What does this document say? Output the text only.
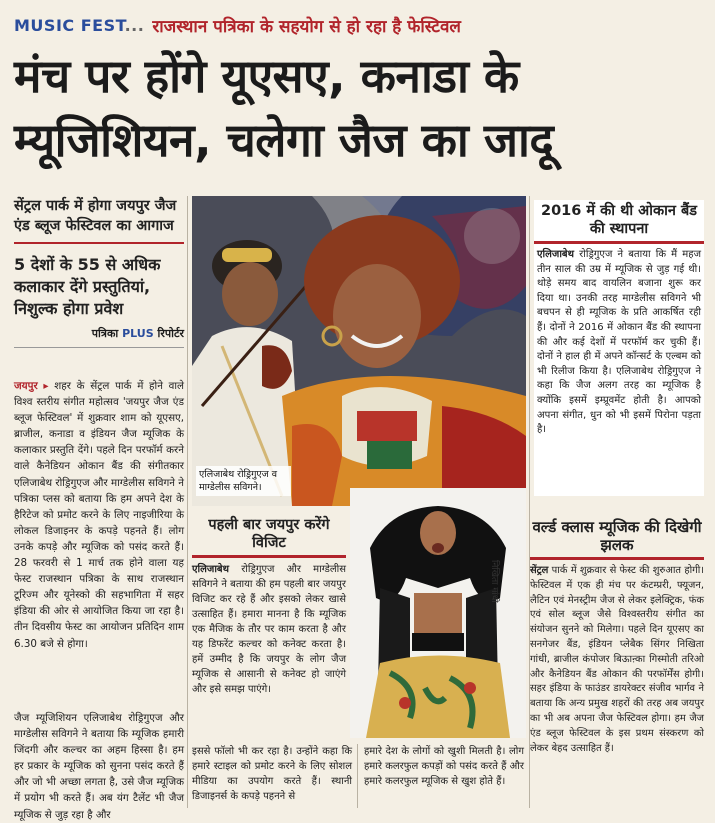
MUSIC FEST... राजस्थान पत्रिका के सहयोग से हो रहा है फेस्टिवल
मंच पर होंगे यूएसए, कनाडा के
म्यूजिशियन, चलेगा जैज का जादू
सेंट्रल पार्क में होगा जयपुर जैज एंड ब्लूज फेस्टिवल का आगाज
5 देशों के 55 से अधिक कलाकार देंगे प्रस्तुतियां, निशुल्क होगा प्रवेश
पत्रिका PLUS रिपोर्टर
जयपुर ▸ शहर के सेंट्रल पार्क में होने वाले विश्व स्तरीय संगीत महोत्सव 'जयपुर जैज एंड ब्लूज फेस्टिवल' में शुक्रवार शाम को यूएसए, ब्राजील, कनाडा व इंडियन जैज म्यूजिक के कलाकार प्रस्तुति देंगे। पहले दिन परफॉर्म करने वाले कैनेडियन ओकान बैंड की संगीतकार एलिजाबेथ रोड्रिगुएज और माग्डेलीस सविगने ने पत्रिका प्लस को बताया कि हम अपने देश के हैरिटेज को प्रमोट करने के लिए नाइजीरिया के लोकल डिजाइनर के कपड़े पहनते हैं। लोग उनके कपड़े और म्यूजिक को पसंद करते हैं। 28 फरवरी से 1 मार्च तक होने वाला यह फेस्ट राजस्थान पत्रिका के साथ राजस्थान टूरिज्म और यूनेस्को की सहभागिता में सहर इंडिया की ओर से आयोजित किया जा रहा है। तीन दिवसीय फेस्ट का आयोजन प्रतिदिन शाम 6.30 बजे से होगा।
जैज म्यूजिशियन एलिजाबेथ रोड्रिगुएज और माग्डेलीस सविगने ने बताया कि म्यूजिक हमारी जिंदगी और कल्चर का अहम हिस्सा है। हम हर प्रकार के म्यूजिक को सुनना पसंद करते हैं और जो भी अच्छा लगता है, उसे जैज म्यूजिक में प्रयोग भी करते हैं। अब यंग टैलेंट भी जैज म्यूजिक से जुड़ रहा है और
एलिजाबेथ रोड्रिगुएज व माग्डेलीस सविगने।
2016 में की थी ओकान बैंड की स्थापना
एलिजाबेथ रोड्रिगुएज ने बताया कि मैं महज तीन साल की उम्र में म्यूजिक से जुड़ गई थी। थोड़े समय बाद वायलिन बजाना शुरू कर दिया था। उनकी तरह माग्डेलीस सविगने भी बचपन से ही म्यूजिक के प्रति आकर्षित रही हैं। दोनों ने 2016 में ओकान बैंड की स्थापना की और कई देशों में परफॉर्म कर चुकी हैं। दोनों ने हाल ही में अपने कॉन्सर्ट के एल्बम को भी रिलीज किया है। एलिजाबेथ रोड्रिगुएज ने कहा कि जैज अलग तरह का म्यूजिक है क्योंकि इसमें इम्प्रूवमेंट होती है। आपको अपना संगीत, धुन को भी इसमें पिरोना पड़ता है।
पहली बार जयपुर करेंगे विजिट
एलिजाबेथ रोड्रिगुएज और माग्डेलीस सविगने ने बताया की हम पहली बार जयपुर विजिट कर रहे हैं और इसको लेकर खासे उत्साहित हैं। हमारा मानना है कि म्यूजिक एक मैजिक के तौर पर काम करता है और यह डिफरेंट कल्चर को कनेक्ट करता है। हमें उम्मीद है कि जयपुर के लोग जैज म्यूजिक से आसानी से कनेक्ट हो जाएंगे और इसे समझ पाएंगे।
निखिता गांधी
वर्ल्ड क्लास म्यूजिक की दिखेगी झलक
सेंट्रल पार्क में शुक्रवार से फेस्ट की शुरुआत होगी। फेस्टिवल में एक ही मंच पर कंटम्प्ररी, फ्यूजन, लैटिन एवं मेनस्ट्रीम जैज से लेकर इलेक्ट्रिक, फंक एवं सोल ब्लूज जैसे विश्वस्तरीय संगीत का संयोजन सुनने को मिलेगा। पहले दिन यूएसए का सनगेजर बैंड, इंडियन प्लेबैक सिंगर निखिता गांधी, ब्राजील कंपोजर बिऊाऩ्का गिस्मोती तरिओ और कैनेडियन बैंड ओकान की परफॉर्मेंस होगी। सहर इंडिया के फाउंडर डायरेक्टर संजीव भार्गव ने बताया कि अन्य प्रमुख शहरों की तरह अब जयपुर का भी अब अपना जैज फेस्टिवल होगा। हम जैज एंड ब्लूज फेस्टिवल के इस प्रथम संस्करण को लेकर बेहद उत्साहित हैं।
इससे फॉलो भी कर रहा है। उन्होंने कहा कि हमारे स्टाइल को प्रमोट करने के लिए सोशल मीडिया का उपयोग करते हैं। स्थानी डिजाइनर्स के कपड़े पहनने से
हमारे देश के लोगों को खुशी मिलती है। लोग हमारे कलरफुल कपड़ों को पसंद करते हैं और हमारे कलरफुल म्यूजिक से खुश होते हैं।
